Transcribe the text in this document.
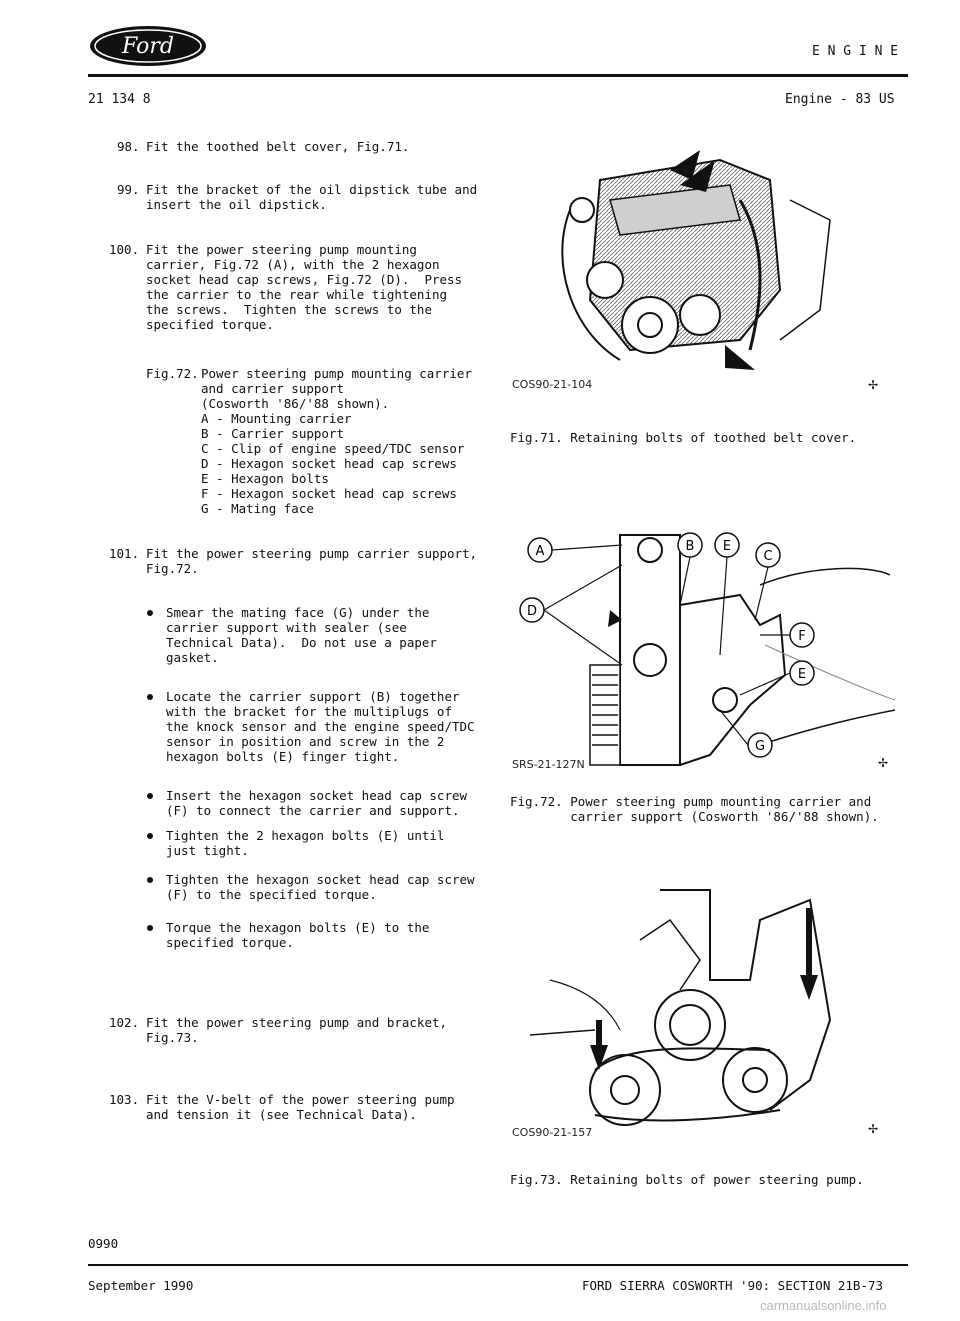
Ford	E N G I N E
21 134 8	Engine - 83 US
98. Fit the toothed belt cover, Fig.71.
99. Fit the bracket of the oil dipstick tube and
insert the oil dipstick.
100. Fit the power steering pump mounting
carrier, Fig.72 (A), with the 2 hexagon
socket head cap screws, Fig.72 (D).  Press
the carrier to the rear while tightening
the screws.  Tighten the screws to the
specified torque.
Fig.72. Power steering pump mounting carrier
and carrier support
(Cosworth '86/'88 shown).
A - Mounting carrier
B - Carrier support
C - Clip of engine speed/TDC sensor
D - Hexagon socket head cap screws
E - Hexagon bolts
F - Hexagon socket head cap screws
G - Mating face
101. Fit the power steering pump carrier support,
Fig.72.
Smear the mating face (G) under the
carrier support with sealer (see
Technical Data).  Do not use a paper
gasket.
Locate the carrier support (B) together
with the bracket for the multiplugs of
the knock sensor and the engine speed/TDC
sensor in position and screw in the 2
hexagon bolts (E) finger tight.
Insert the hexagon socket head cap screw
(F) to connect the carrier and support.
Tighten the 2 hexagon bolts (E) until
just tight.
Tighten the hexagon socket head cap screw
(F) to the specified torque.
Torque the hexagon bolts (E) to the
specified torque.
102. Fit the power steering pump and bracket,
Fig.73.
103. Fit the V-belt of the power steering pump
and tension it (see Technical Data).
COS90-21-104	✢
Fig.71. Retaining bolts of toothed belt cover.
A	B E
C
D
F
E
G
SRS-21-127N	✢
Fig.72. Power steering pump mounting carrier and
carrier support (Cosworth '86/'88 shown).
COS90-21-157	✢
Fig.73. Retaining bolts of power steering pump.
0990
September 1990	FORD SIERRA COSWORTH '90: SECTION 21B-73
carmanualsonline.info
